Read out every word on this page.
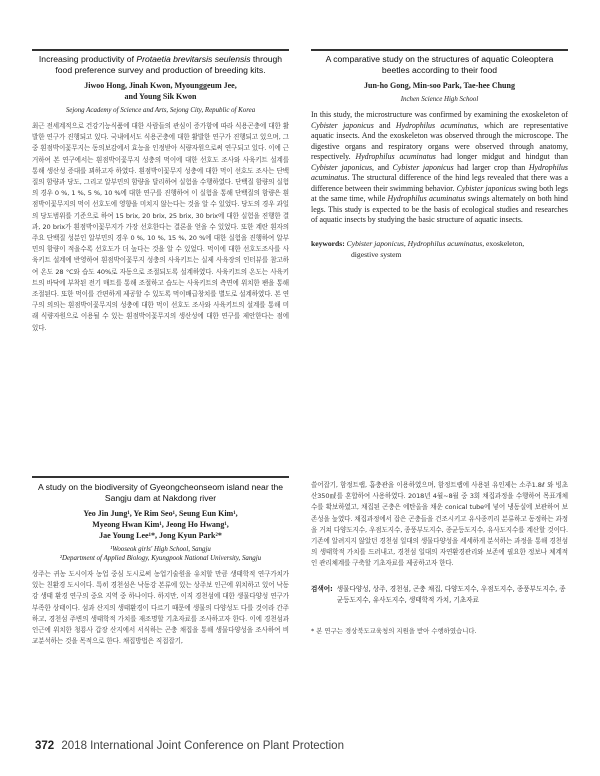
Increasing productivity of Protaetia brevitarsis seulensis through food preference survey and production of breeding kits.
Jiwoo Hong, Jinah Kwon, Myounggeum Jee,
and Young Sik Kwon
Sejong Academy of Science and Arts, Sejong City, Republic of Korea
최근 전세계적으로 건강기능식품에 대한 사람들의 관심이 증가함에 따라 식용곤충에 대한 활발한 연구가 진행되고 있다. 국내에서도 식용곤충에 대한 활발한 연구가 진행되고 있으며, 그 중 흰점박이꽃무지는 동의보감에서 효능을 인정받아 식량자원으로써 연구되고 있다. 이에 근거하여 본 연구에서는 흰점박이꽃무지 성충의 먹이에 대한 선호도 조사와 사육키트 설계를 통해 생산성 증대를 꾀하고자 하였다. 흰점박이꽃무지 성충에 대한 먹이 선호도 조사는 단백질의 함량과 당도, 그리고 알부민의 함량을 달리하여 실험을 수행하였다. 단백질 함량의 실험의 경우 0 %, 1 %, 5 %, 10 %에 대한 연구를 진행하여 이 실험을 통해 단백질의 함량은 흰점박이꽃무지의 먹이 선호도에 영향을 미치지 않는다는 것을 알 수 있었다. 당도의 경우 과일의 당도범위를 기준으로 하여 15 brix, 20 brix, 25 brix, 30 brix에 대한 실험을 진행한 결과, 20 brix가 흰점박이꽃무지가 가장 선호한다는 결론을 얻을 수 있었다. 또한 계란 흰자의 주요 단백질 성분인 알부민의 경우 0 %, 10 %, 15 %, 20 %에 대한 실험을 진행하여 알부민의 함량이 적을수록 선호도가 더 높다는 것을 알 수 있었다. 먹이에 대한 선호도조사를 사육키트 설계에 반영하여 흰점박이꽃무지 성충의 사육키트는 실제 사육장의 인터뷰를 참고하여 온도 28 °C와 습도 40%로 자동으로 조절되도록 설계하였다. 사육키트의 온도는 사육키트의 바닥에 부착된 전기 매트를 통해 조절하고 습도는 사육키트의 측면에 위치한 팬을 통해 조절된다. 또한 먹이를 간편하게 제공할 수 있도록 먹이배급창치를 별도로 설계하였다. 본 연구의 의의는 흰점박이꽃무지의 성충에 대한 먹이 선호도 조사와 사육키트의 설계를 통해 미래 식량자원으로 이용될 수 있는 흰점박이꽃무지의 생산성에 대한 연구를 제안한다는 점에 있다.
A comparative study on the structures of aquatic Coleoptera beetles according to their food
Jun-ho Gong, Min-soo Park, Tae-hee Chung
Inchen Science High School
In this study, the microstructure was confirmed by examining the exoskeleton of Cybister japonicus and Hydrophilus acuminatus, which are representative aquatic insects. And the exoskeleton was observed through the microscope. The digestive organs and respiratory organs were observed through anatomy, respectively. Hydrophilus acuminatus had longer midgut and hindgut than Cybister japonicus, and Cybister japonicus had larger crop than Hydrophilus acuminatus. The structural difference of the hind legs revealed that there was a difference between their swimming behavior. Cybister japonicus swing both legs at the same time, while Hydrophilus acuminatus swings alternately on both hind legs. This study is expected to be the basis of ecological studies and researches of aquatic insects by studying the basic structure of aquatic insects.
keywords: Cybister japonicus, Hydrophilus acuminatus, exoskeleton,
digestive system
A study on the biodiversity of Gyeongcheonseom island near the Sangju dam at Nakdong river
Yeo Jin Jung¹, Ye Rim Seo¹, Seung Eun Kim¹,
Myeong Hwan Kim¹, Jeong Ho Hwang¹,
Jae Young Lee¹*, Jong Kyun Park²*
¹Wooseok girls' High School, Sangju
²Department of Applied Biology, Kyungpook National University, Sangju
상주는 귀농 도시이자 농업 중심 도시로써 농업기술원을 유치할 만큼 생태학적 연구가치가 있는 친환경 도시이다. 특히 경천섬은 낙동강 본류에 있는 상주보 인근에 위치하고 있어 낙동강 생태 환경 연구의 중요 지역 중 하나이다. 하지만, 이직 경천섬에 대한 생물다양성 연구가 부족한 상태이다. 섬과 산지의 생태환경이 다르기 때문에 생물의 다양성도 다를 것이라 간주하고, 경천섬 주변의 생태학적 가치를 재조명할 기초자료를 조사하고자 한다. 이에 경천섬과 인근에 위치한 청룡사 갑장 산지에서 서식하는 곤충 채집을 통해 생물다양성을 조사하여 비교분석하는 것을 목적으로 한다. 채집방법은 직접잡기,
쓸어잡기, 함정트랩, 흡충관을 이용하였으며, 함정트랩에 사용된 유인제는 소주1.8ℓ 와 빙초산350㎖를 혼합하여 사용하였다. 2018년 4월~8월 중 3회 채집과정을 수행하여 목표개체수를 확보하였고, 채집된 곤충은 에탄올을 채운 conical tube에 넣어 냉동실에 보관하여 보존성을 높였다. 채집과정에서 잡은 곤충들을 건조시키고 유사종끼리 분류하고 동정하는 과정을 거쳐 다양도지수, 우점도지수, 종풍부도지수, 종균등도지수, 유사도지수를 계산할 것이다. 기존에 알려지지 않았던 경천섬 일대의 생물다양성을 세세하게 분석하는 과정을 통해 경천섬의 생태학적 가치를 드러내고, 경천섬 일대의 자연환경관리와 보존에 필요한 정보나 체계적인 관리체계를 구축할 기초자료를 제공하고자 한다.
검색어: 생물다양성, 상주, 경천섬, 곤충 채집, 다양도지수, 우점도지수, 종풍부도지수, 종균등도지수, 유사도지수, 생태학적 가치, 기초자료
* 본 연구는 경상북도교육청의 지원을 받아 수행하였습니다.
372 2018 International Joint Conference on Plant Protection
